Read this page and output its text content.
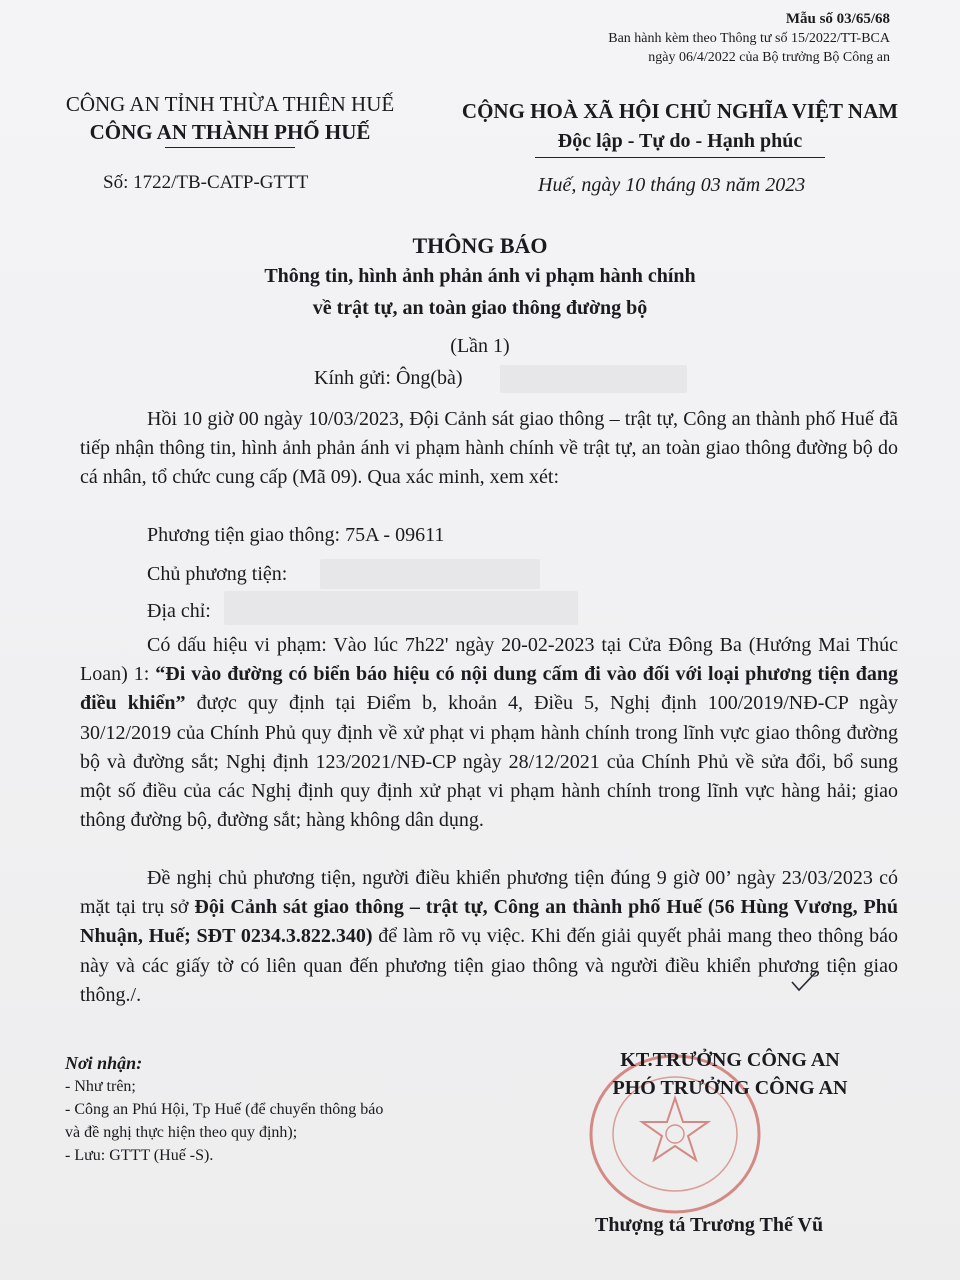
Mẫu số 03/65/68
Ban hành kèm theo Thông tư số 15/2022/TT-BCA
ngày 06/4/2022 của Bộ trưởng Bộ Công an
CÔNG AN TỈNH THỪA THIÊN HUẾ
CÔNG AN THÀNH PHỐ HUẾ
CỘNG HOÀ XÃ HỘI CHỦ NGHĨA VIỆT NAM
Độc lập - Tự do - Hạnh phúc
Số: 1722/TB-CATP-GTTT	Huế, ngày 10 tháng 03 năm 2023
THÔNG BÁO
Thông tin, hình ảnh phản ánh vi phạm hành chính
về trật tự, an toàn giao thông đường bộ
(Lần 1)
Kính gửi: Ông(bà)
Hồi 10 giờ 00 ngày 10/03/2023, Đội Cảnh sát giao thông – trật tự, Công an thành phố Huế đã tiếp nhận thông tin, hình ảnh phản ánh vi phạm hành chính về trật tự, an toàn giao thông đường bộ do cá nhân, tổ chức cung cấp (Mã 09). Qua xác minh, xem xét:
Phương tiện giao thông: 75A - 09611
Chủ phương tiện:
Địa chỉ:
Có dấu hiệu vi phạm: Vào lúc 7h22' ngày 20-02-2023 tại Cửa Đông Ba (Hướng Mai Thúc Loan) 1: “Đi vào đường có biển báo hiệu có nội dung cấm đi vào đối với loại phương tiện đang điều khiển” được quy định tại Điểm b, khoản 4, Điều 5, Nghị định 100/2019/NĐ-CP ngày 30/12/2019 của Chính Phủ quy định về xử phạt vi phạm hành chính trong lĩnh vực giao thông đường bộ và đường sắt; Nghị định 123/2021/NĐ-CP ngày 28/12/2021 của Chính Phủ về sửa đổi, bổ sung một số điều của các Nghị định quy định xử phạt vi phạm hành chính trong lĩnh vực hàng hải; giao thông đường bộ, đường sắt; hàng không dân dụng.
Đề nghị chủ phương tiện, người điều khiển phương tiện đúng 9 giờ 00’ ngày 23/03/2023 có mặt tại trụ sở Đội Cảnh sát giao thông – trật tự, Công an thành phố Huế (56 Hùng Vương, Phú Nhuận, Huế; SĐT 0234.3.822.340) để làm rõ vụ việc. Khi đến giải quyết phải mang theo thông báo này và các giấy tờ có liên quan đến phương tiện giao thông và người điều khiển phương tiện giao thông./.
Nơi nhận:
- Như trên;
- Công an Phú Hội, Tp Huế (để chuyển thông báo
và đề nghị thực hiện theo quy định);
- Lưu: GTTT (Huế -S).
KT.TRƯỞNG CÔNG AN
PHÓ TRƯỞNG CÔNG AN
Thượng tá Trương Thế Vũ
